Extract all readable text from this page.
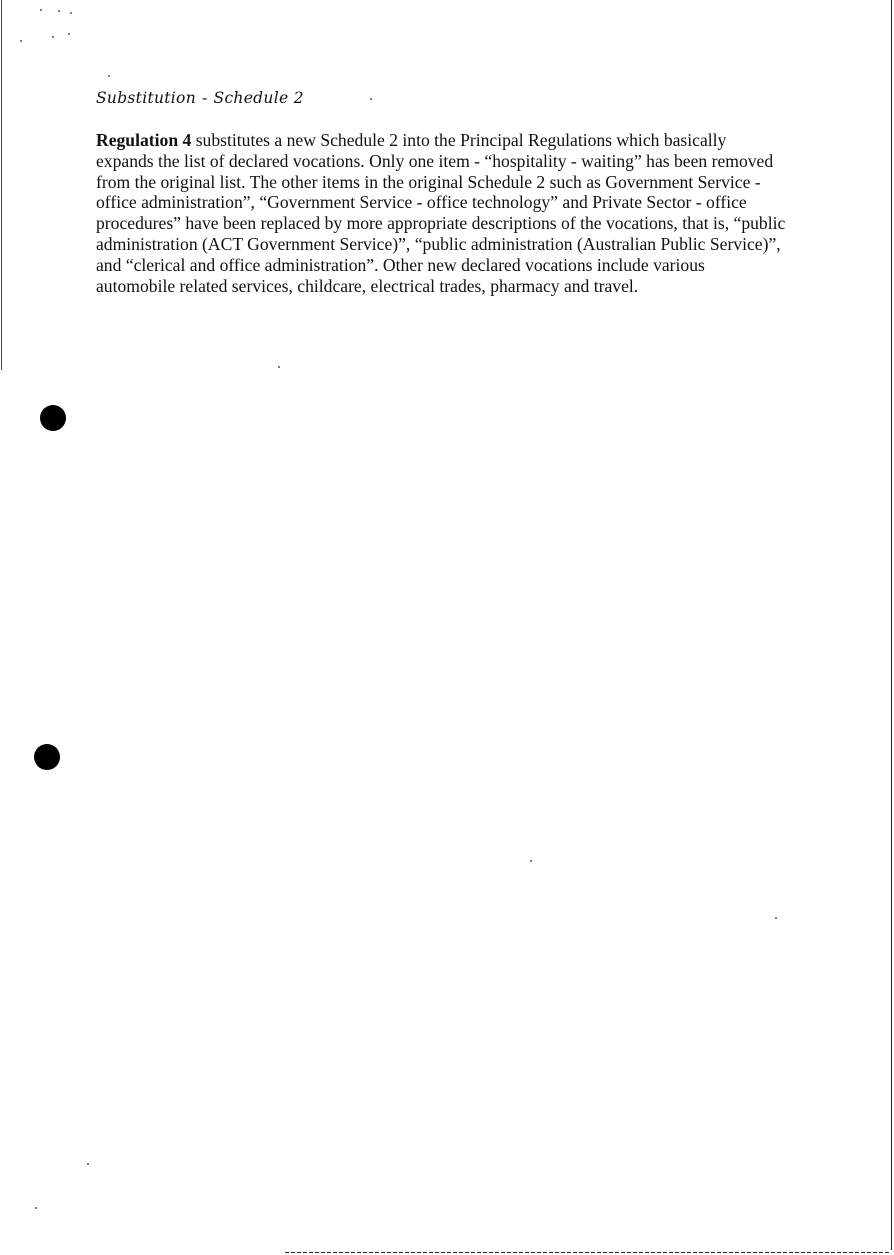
Substitution - Schedule 2

Regulation 4 substitutes a new Schedule 2 into the Principal Regulations which basically expands the list of declared vocations. Only one item - “hospitality - waiting” has been removed from the original list. The other items in the original Schedule 2 such as Government Service - office administration”, “Government Service - office technology” and Private Sector - office procedures” have been replaced by more appropriate descriptions of the vocations, that is, “public administration (ACT Government Service)”, “public administration (Australian Public Service)”, and “clerical and office administration”. Other new declared vocations include various automobile related services, childcare, electrical trades, pharmacy and travel.
